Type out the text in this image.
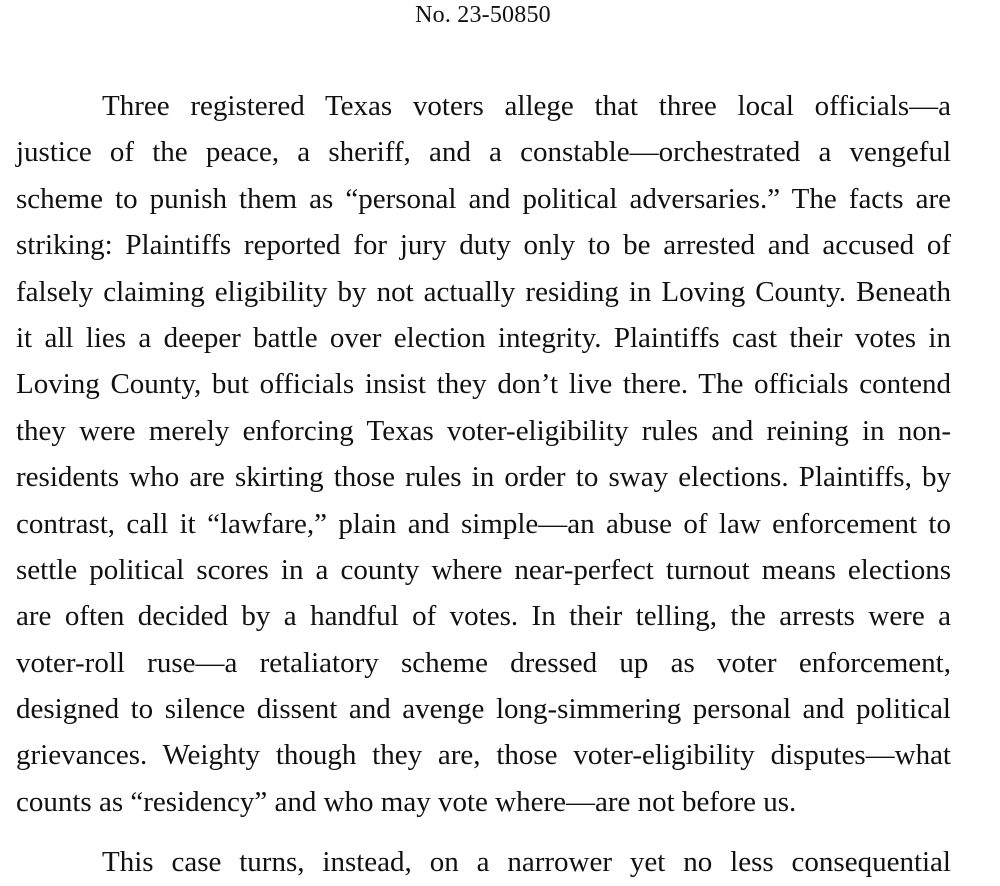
No. 23-50850
Three registered Texas voters allege that three local officials—a
justice of the peace, a sheriff, and a constable—orchestrated a vengeful
scheme to punish them as “personal and political adversaries.” The facts are
striking: Plaintiffs reported for jury duty only to be arrested and accused of
falsely claiming eligibility by not actually residing in Loving County. Beneath
it all lies a deeper battle over election integrity. Plaintiffs cast their votes in
Loving County, but officials insist they don’t live there. The officials contend
they were merely enforcing Texas voter-eligibility rules and reining in non-
residents who are skirting those rules in order to sway elections. Plaintiffs, by
contrast, call it “lawfare,” plain and simple—an abuse of law enforcement to
settle political scores in a county where near-perfect turnout means elections
are often decided by a handful of votes. In their telling, the arrests were a
voter-roll ruse—a retaliatory scheme dressed up as voter enforcement,
designed to silence dissent and avenge long-simmering personal and political
grievances. Weighty though they are, those voter-eligibility disputes—what
counts as “residency” and who may vote where—are not before us.
This case turns, instead, on a narrower yet no less consequential
